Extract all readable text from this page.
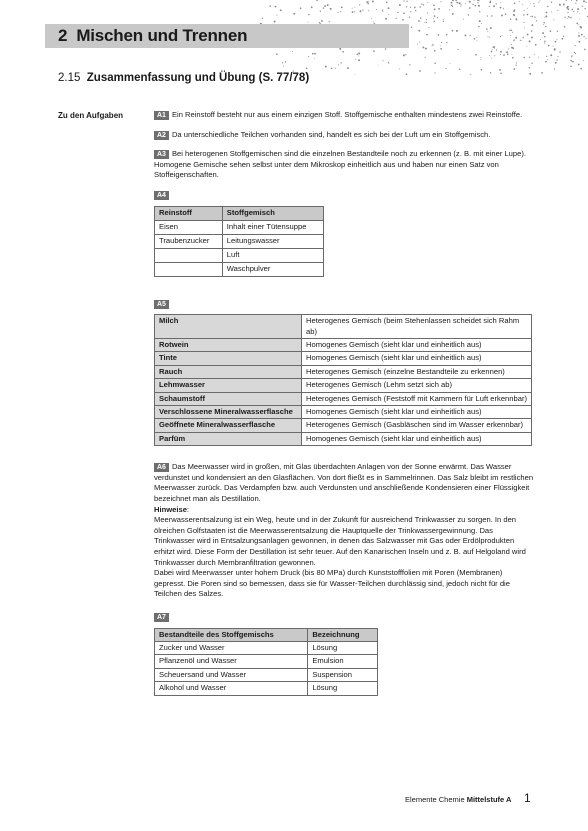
2 Mischen und Trennen
2.15 Zusammenfassung und Übung (S. 77/78)
Zu den Aufgaben	A1 Ein Reinstoff besteht nur aus einem einzigen Stoff. Stoffgemische enthalten mindestens zwei Reinstoffe.

A2 Da unterschiedliche Teilchen vorhanden sind, handelt es sich bei der Luft um ein Stoffgemisch.

A3 Bei heterogenen Stoffgemischen sind die einzelnen Bestandteile noch zu erkennen (z. B. mit einer Lupe). Homogene Gemische sehen selbst unter dem Mikroskop einheitlich aus und haben nur einen Satz von Stoffeigenschaften.

A4
Reinstoff	Stoffgemisch
Eisen	Inhalt einer Tütensuppe
Traubenzucker	Leitungswasser
	Luft
	Waschpulver
A5
Milch	Heterogenes Gemisch (beim Stehenlassen scheidet sich Rahm ab)
Rotwein	Homogenes Gemisch (sieht klar und einheitlich aus)
Tinte	Homogenes Gemisch (sieht klar und einheitlich aus)
Rauch	Heterogenes Gemisch (einzelne Bestandteile zu erkennen)
Lehmwasser	Heterogenes Gemisch (Lehm setzt sich ab)
Schaumstoff	Heterogenes Gemisch (Feststoff mit Kammern für Luft erkennbar)
Verschlossene Mineralwasserflasche	Homogenes Gemisch (sieht klar und einheitlich aus)
Geöffnete Mineralwasserflasche	Heterogenes Gemisch (Gasbläschen sind im Wasser erkennbar)
Parfüm	Homogenes Gemisch (sieht klar und einheitlich aus)
A6 Das Meerwasser wird in großen, mit Glas überdachten Anlagen von der Sonne erwärmt. Das Wasser verdunstet und kondensiert an den Glasflächen. Von dort fließt es in Sammelrinnen. Das Salz bleibt im restlichen Meerwasser zurück. Das Verdampfen bzw. auch Verdunsten und anschließende Kondensieren einer Flüssigkeit bezeichnet man als Destillation.
Hinweise:
Meerwasserentsalzung ist ein Weg, heute und in der Zukunft für ausreichend Trinkwasser zu sorgen. In den ölreichen Golfstaaten ist die Meerwasserentsalzung die Hauptquelle der Trinkwassergewinnung. Das Trinkwasser wird in Entsalzungsanlagen gewonnen, in denen das Salzwasser mit Gas oder Erdölprodukten erhitzt wird. Diese Form der Destillation ist sehr teuer. Auf den Kanarischen Inseln und z. B. auf Helgoland wird Trinkwasser durch Membranfiltration gewonnen.
Dabei wird Meerwasser unter hohem Druck (bis 80 MPa) durch Kunststofffolien mit Poren (Membranen) gepresst. Die Poren sind so bemessen, dass sie für Wasser-Teilchen durchlässig sind, jedoch nicht für die Teilchen des Salzes.
A7
Bestandteile des Stoffgemischs	Bezeichnung
Zucker und Wasser	Lösung
Pflanzenöl und Wasser	Emulsion
Scheuersand und Wasser	Suspension
Alkohol und Wasser	Lösung
Elemente Chemie Mittelstufe A 1
